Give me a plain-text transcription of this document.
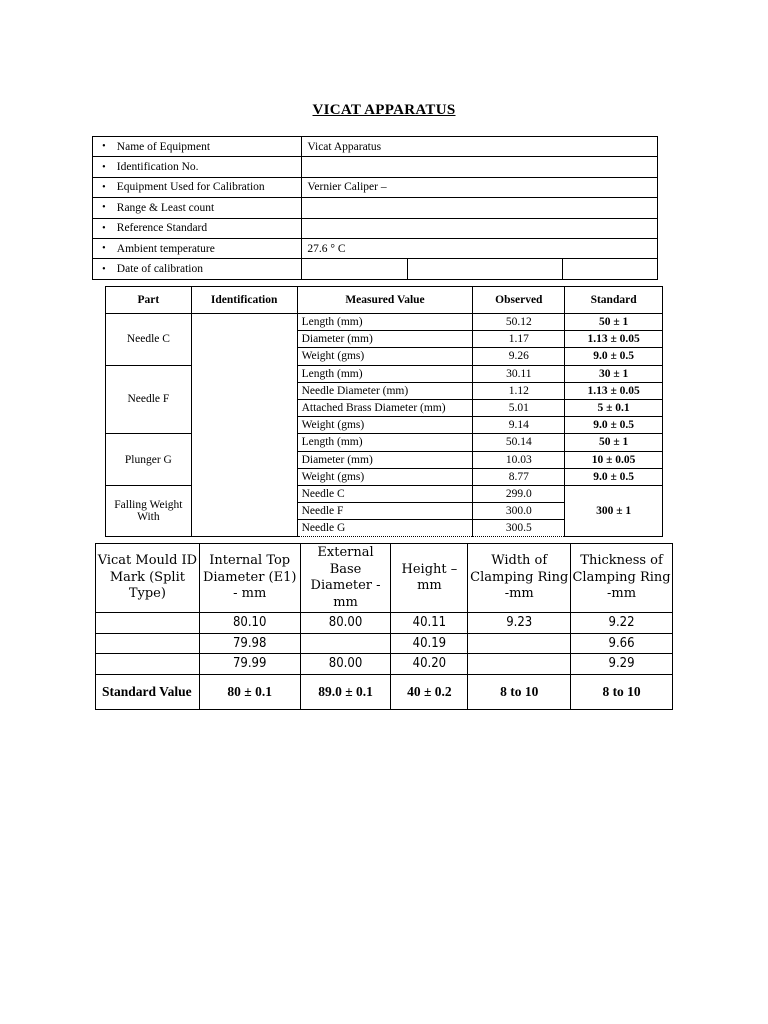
VICAT APPARATUS
•	Name of Equipment	Vicat Apparatus		
•	Identification No.			
•	Equipment Used for Calibration	Vernier Caliper –		
•	Range & Least count			
•	Reference Standard			
•	Ambient temperature	27.6 ° C		
•	Date of calibration			
Part	Identification	Measured Value	Observed	Standard
Needle C		Length (mm)	50.12	50 ± 1
		Diameter (mm)	1.17	1.13 ± 0.05
		Weight (gms)	9.26	9.0 ± 0.5
Needle F		Length (mm)	30.11	30 ± 1
		Needle Diameter (mm)	1.12	1.13 ± 0.05
		Attached Brass Diameter (mm)	5.01	5 ± 0.1
		Weight (gms)	9.14	9.0 ± 0.5
Plunger G		Length (mm)	50.14	50 ± 1
		Diameter (mm)	10.03	10 ± 0.05
		Weight (gms)	8.77	9.0 ± 0.5
Falling Weight With		Needle C	299.0	300 ± 1
		Needle F	300.0	
		Needle G	300.5	
Vicat Mould ID Mark (Split Type)	Internal Top Diameter (E1) - mm	External Base Diameter -mm	Height – mm	Width of Clamping Ring -mm	Thickness of Clamping Ring -mm
	80.10	80.00	40.11	9.23	9.22
	79.98		40.19		9.66
	79.99	80.00	40.20		9.29
Standard Value	80 ± 0.1	89.0 ± 0.1	40 ± 0.2	8 to 10	8 to 10
